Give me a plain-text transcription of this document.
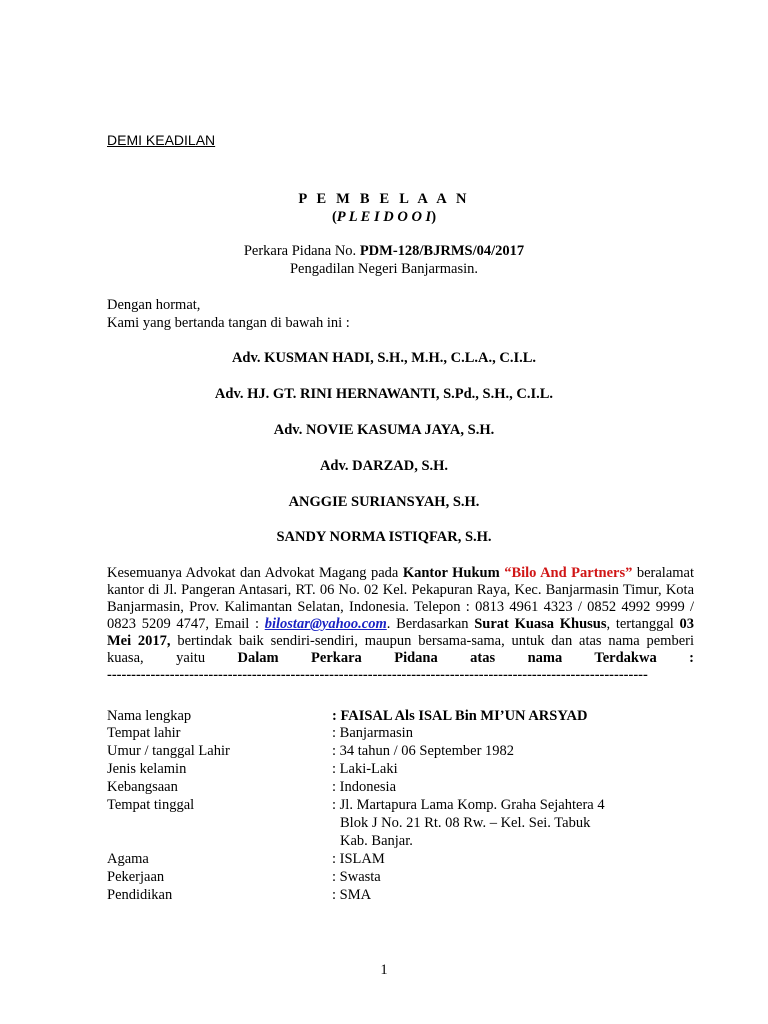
DEMI KEADILAN
P E M B E L A A N
(P L E I D O O I)
Perkara Pidana No. PDM-128/BJRMS/04/2017
Pengadilan Negeri Banjarmasin.
Dengan hormat,
Kami yang bertanda tangan di bawah ini :
Adv. KUSMAN HADI, S.H., M.H., C.L.A., C.I.L.
Adv. HJ. GT. RINI HERNAWANTI, S.Pd., S.H., C.I.L.
Adv. NOVIE KASUMA JAYA, S.H.
Adv. DARZAD, S.H.
ANGGIE SURIANSYAH, S.H.
SANDY NORMA ISTIQFAR, S.H.
Kesemuanya Advokat dan Advokat Magang pada Kantor Hukum “Bilo And Partners” beralamat kantor di Jl. Pangeran Antasari, RT. 06 No. 02 Kel. Pekapuran Raya, Kec. Banjarmasin Timur, Kota Banjarmasin, Prov. Kalimantan Selatan, Indonesia. Telepon : 0813 4961 4323 / 0852 4992 9999 / 0823 5209 4747, Email : bilostar@yahoo.com. Berdasarkan Surat Kuasa Khusus, tertanggal 03 Mei 2017, bertindak baik sendiri-sendiri, maupun bersama-sama, untuk dan atas nama pemberi kuasa, yaitu Dalam Perkara Pidana atas nama Terdakwa : ----------------------------------------------------------------------------------------------------------------
Nama lengkap	: FAISAL Als ISAL Bin MI’UN ARSYAD
Tempat lahir	: Banjarmasin
Umur / tanggal Lahir	: 34 tahun / 06 September 1982
Jenis kelamin	: Laki-Laki
Kebangsaan	: Indonesia
Tempat tinggal	: Jl. Martapura Lama Komp. Graha Sejahtera 4
Blok J No. 21 Rt. 08 Rw. – Kel. Sei. Tabuk
Kab. Banjar.
Agama	: ISLAM
Pekerjaan	: Swasta
Pendidikan	: SMA
1
